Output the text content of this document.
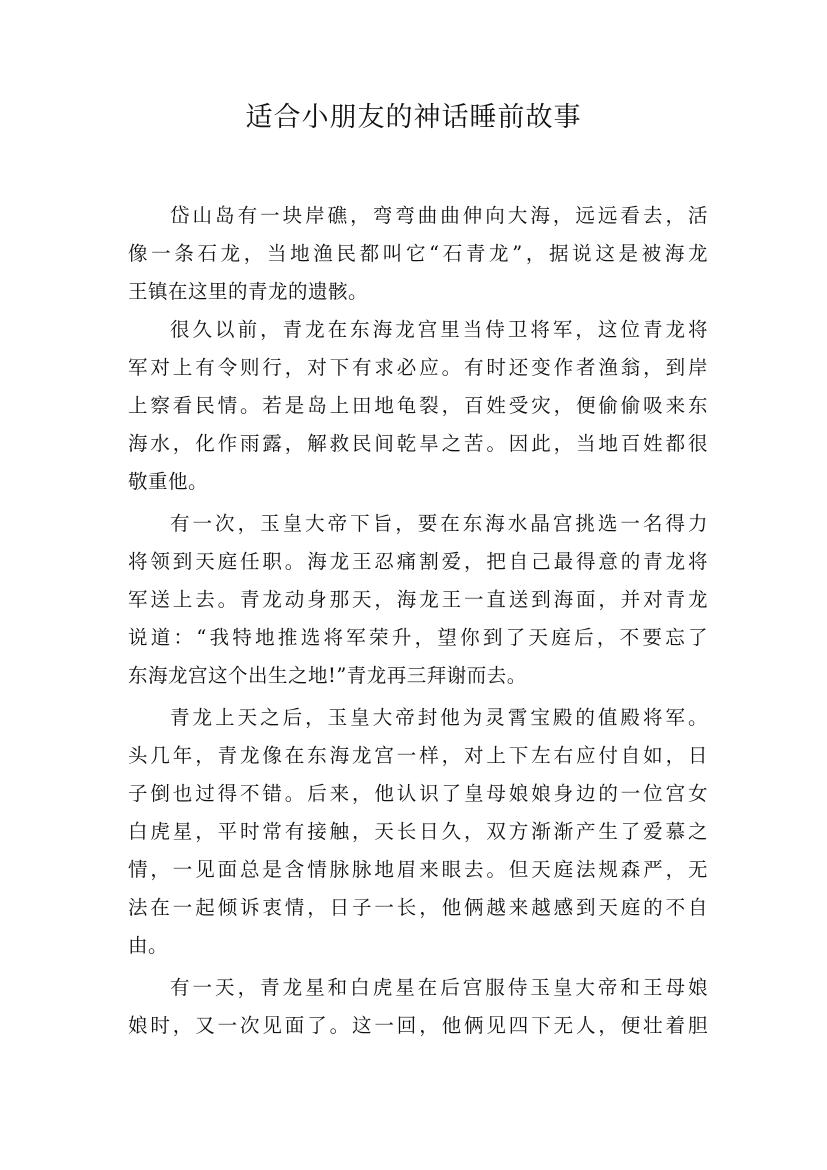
适合小朋友的神话睡前故事
岱山岛有一块岸礁，弯弯曲曲伸向大海，远远看去，活
像一条石龙，当地渔民都叫它“石青龙”，据说这是被海龙
王镇在这里的青龙的遗骸。
很久以前，青龙在东海龙宫里当侍卫将军，这位青龙将
军对上有令则行，对下有求必应。有时还变作者渔翁，到岸
上察看民情。若是岛上田地龟裂，百姓受灾，便偷偷吸来东
海水，化作雨露，解救民间乾旱之苦。因此，当地百姓都很
敬重他。
有一次，玉皇大帝下旨，要在东海水晶宫挑选一名得力
将领到天庭任职。海龙王忍痛割爱，把自己最得意的青龙将
军送上去。青龙动身那天，海龙王一直送到海面，并对青龙
说道：“我特地推选将军荣升，望你到了天庭后，不要忘了
东海龙宫这个出生之地!”青龙再三拜谢而去。
青龙上天之后，玉皇大帝封他为灵霄宝殿的值殿将军。
头几年，青龙像在东海龙宫一样，对上下左右应付自如，日
子倒也过得不错。后来，他认识了皇母娘娘身边的一位宫女
白虎星，平时常有接触，天长日久，双方渐渐产生了爱慕之
情，一见面总是含情脉脉地眉来眼去。但天庭法规森严，无
法在一起倾诉衷情，日子一长，他俩越来越感到天庭的不自
由。
有一天，青龙星和白虎星在后宫服侍玉皇大帝和王母娘
娘时，又一次见面了。这一回，他俩见四下无人，便壮着胆
